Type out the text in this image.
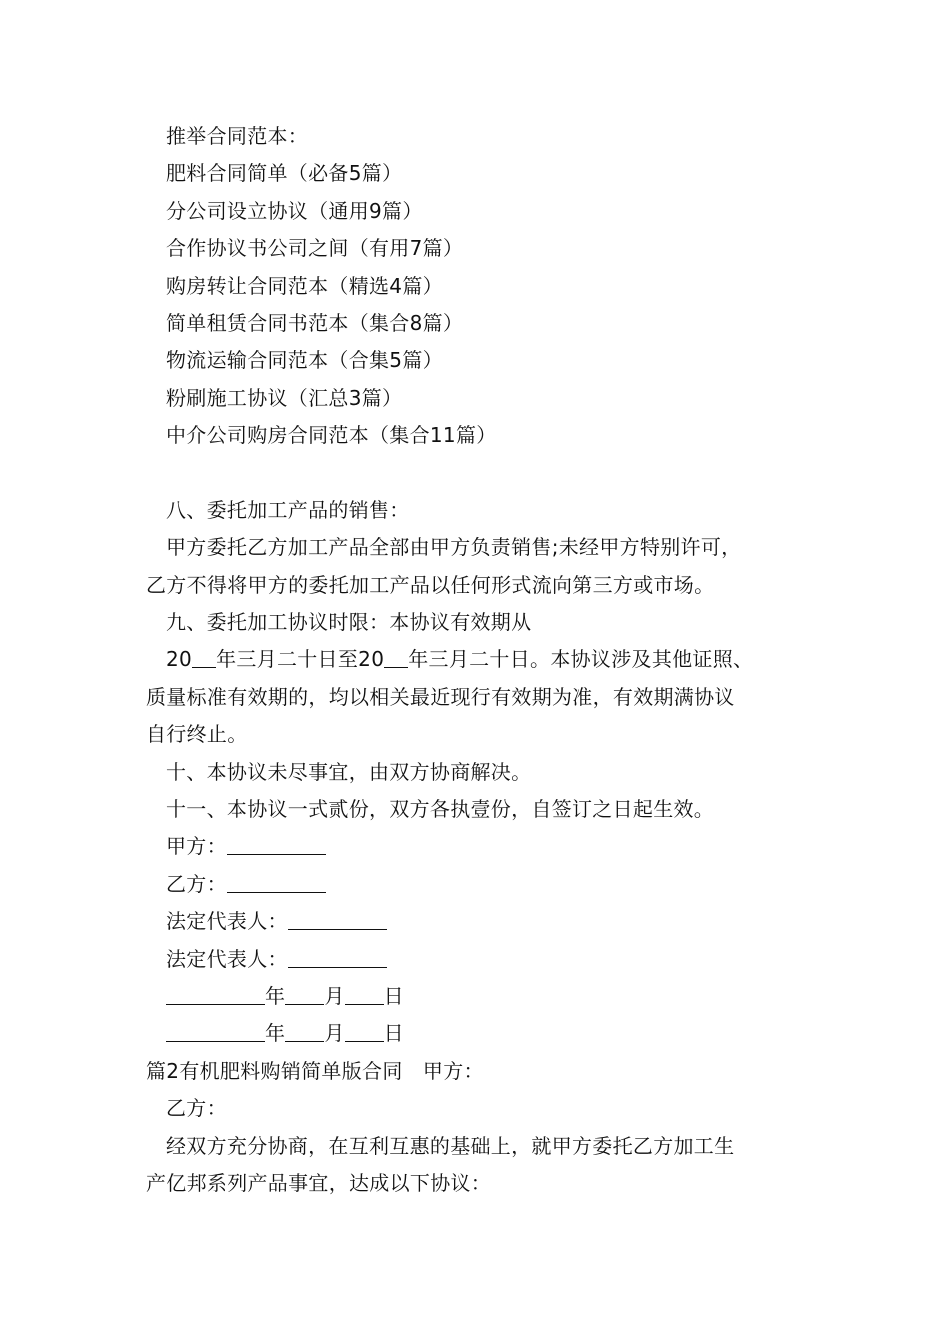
推举合同范本：

肥料合同简单（必备5篇）

分公司设立协议（通用9篇）

合作协议书公司之间（有用7篇）

购房转让合同范本（精选4篇）

简单租赁合同书范本（集合8篇）

物流运输合同范本（合集5篇）

粉刷施工协议（汇总3篇）

中介公司购房合同范本（集合11篇）

八、委托加工产品的销售：

甲方委托乙方加工产品全部由甲方负责销售;未经甲方特别许可，

乙方不得将甲方的委托加工产品以任何形式流向第三方或市场。

九、委托加工协议时限：本协议有效期从

20 年三月二十日至20 年三月二十日。本协议涉及其他证照、

质量标准有效期的，均以相关最近现行有效期为准，有效期满协议

自行终止。

十、本协议未尽事宜，由双方协商解决。

十一、本协议一式贰份，双方各执壹份，自签订之日起生效。

甲方：

乙方：

法定代表人：

法定代表人：

年 月 日

年 月 日

篇2有机肥料购销简单版合同　甲方：

乙方：

经双方充分协商，在互利互惠的基础上，就甲方委托乙方加工生

产亿邦系列产品事宜，达成以下协议：
